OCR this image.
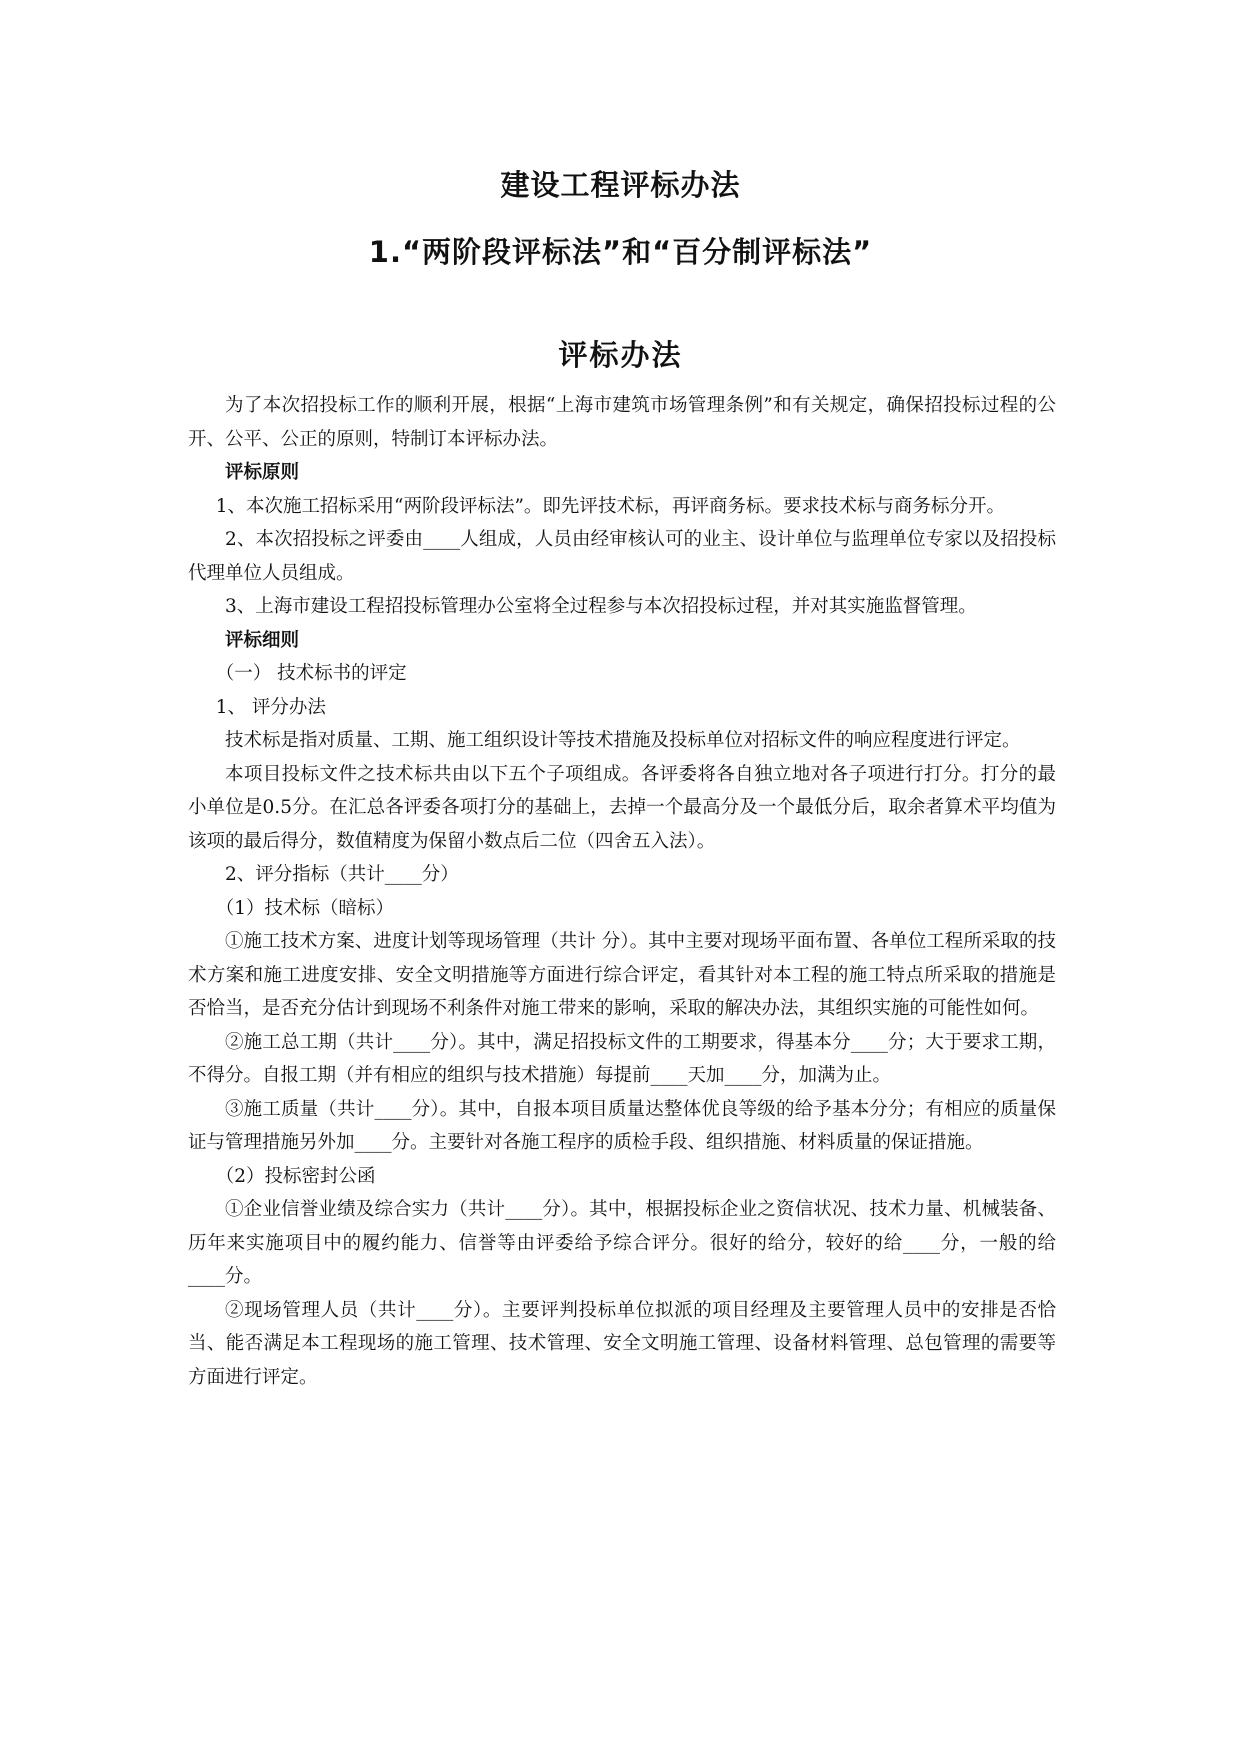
建设工程评标办法
1.“两阶段评标法”和“百分制评标法”
评标办法

为了本次招投标工作的顺利开展，根据“上海市建筑市场管理条例”和有关规定，确保招投标过程的公开、公平、公正的原则，特制订本评标办法。

评标原则

1、本次施工招标采用“两阶段评标法”。即先评技术标，再评商务标。要求技术标与商务标分开。

2、本次招投标之评委由____人组成，人员由经审核认可的业主、设计单位与监理单位专家以及招投标代理单位人员组成。

3、上海市建设工程招投标管理办公室将全过程参与本次招投标过程，并对其实施监督管理。

评标细则

（一） 技术标书的评定

1、 评分办法

技术标是指对质量、工期、施工组织设计等技术措施及投标单位对招标文件的响应程度进行评定。

本项目投标文件之技术标共由以下五个子项组成。各评委将各自独立地对各子项进行打分。打分的最小单位是0.5分。在汇总各评委各项打分的基础上，去掉一个最高分及一个最低分后，取余者算术平均值为该项的最后得分，数值精度为保留小数点后二位（四舍五入法）。

2、评分指标（共计____分）

（1）技术标（暗标）

①施工技术方案、进度计划等现场管理（共计 分）。其中主要对现场平面布置、各单位工程所采取的技术方案和施工进度安排、安全文明措施等方面进行综合评定，看其针对本工程的施工特点所采取的措施是否恰当，是否充分估计到现场不利条件对施工带来的影响，采取的解决办法，其组织实施的可能性如何。

②施工总工期（共计____分）。其中，满足招投标文件的工期要求，得基本分____分；大于要求工期，不得分。自报工期（并有相应的组织与技术措施）每提前____天加____分，加满为止。

③施工质量（共计____分）。其中，自报本项目质量达整体优良等级的给予基本分分；有相应的质量保证与管理措施另外加____分。主要针对各施工程序的质检手段、组织措施、材料质量的保证措施。

（2）投标密封公函

①企业信誉业绩及综合实力（共计____分）。其中，根据投标企业之资信状况、技术力量、机械装备、历年来实施项目中的履约能力、信誉等由评委给予综合评分。很好的给分，较好的给____分，一般的给____分。

②现场管理人员（共计____分）。主要评判投标单位拟派的项目经理及主要管理人员中的安排是否恰当、能否满足本工程现场的施工管理、技术管理、安全文明施工管理、设备材料管理、总包管理的需要等方面进行评定。
